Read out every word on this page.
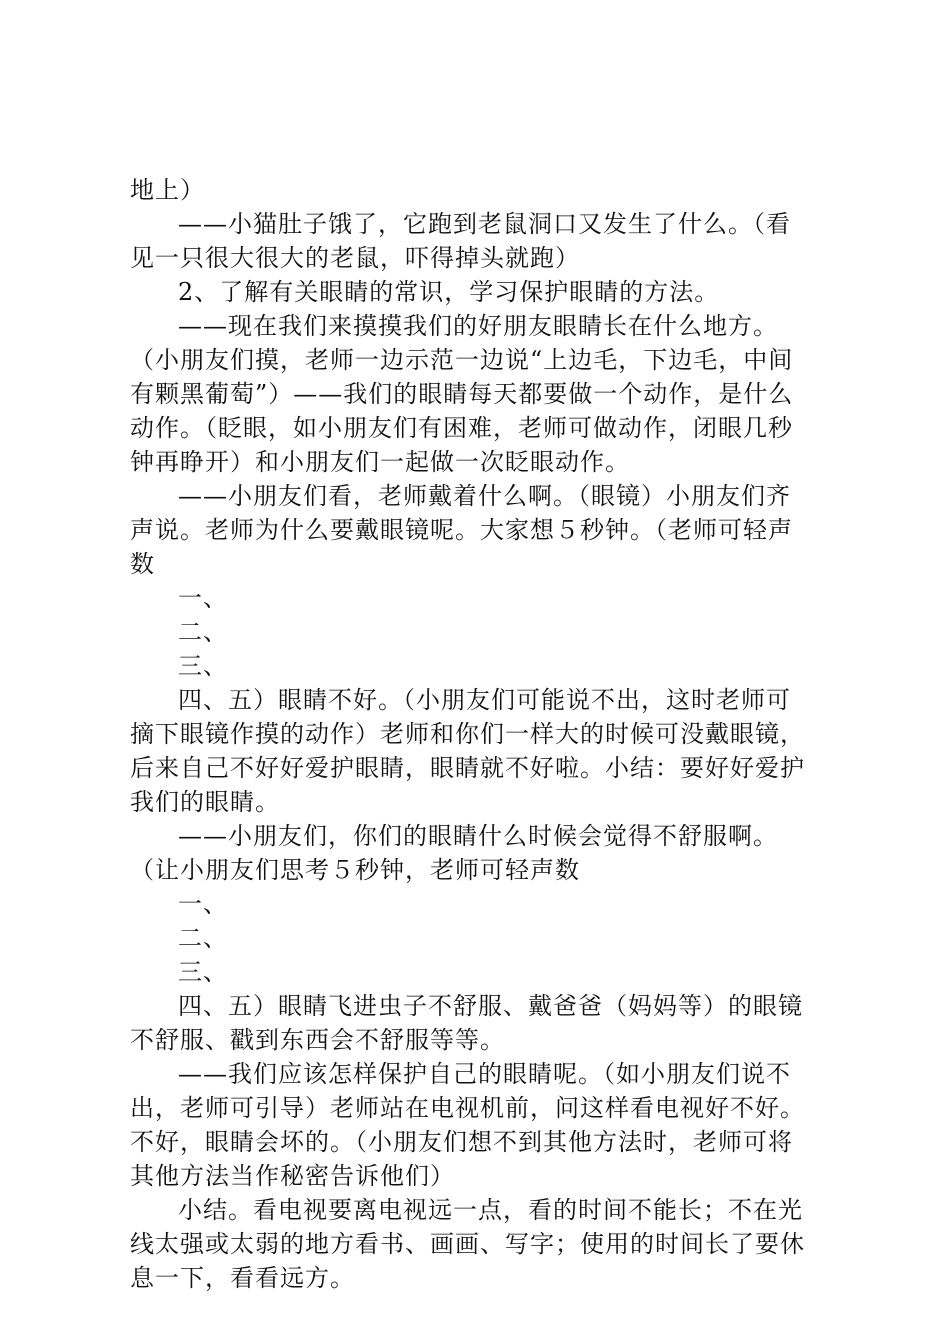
地上）
——小猫肚子饿了，它跑到老鼠洞口又发生了什么。（看
见一只很大很大的老鼠，吓得掉头就跑）
2、了解有关眼睛的常识，学习保护眼睛的方法。
——现在我们来摸摸我们的好朋友眼睛长在什么地方。
（小朋友们摸，老师一边示范一边说“上边毛，下边毛，中间
有颗黑葡萄”）——我们的眼睛每天都要做一个动作，是什么
动作。（眨眼，如小朋友们有困难，老师可做动作，闭眼几秒
钟再睁开）和小朋友们一起做一次眨眼动作。
——小朋友们看，老师戴着什么啊。（眼镜）小朋友们齐
声说。老师为什么要戴眼镜呢。大家想５秒钟。（老师可轻声
数
一、
二、
三、
四、五）眼睛不好。（小朋友们可能说不出，这时老师可
摘下眼镜作摸的动作）老师和你们一样大的时候可没戴眼镜，
后来自己不好好爱护眼睛，眼睛就不好啦。小结：要好好爱护
我们的眼睛。
——小朋友们，你们的眼睛什么时候会觉得不舒服啊。
（让小朋友们思考５秒钟，老师可轻声数
一、
二、
三、
四、五）眼睛飞进虫子不舒服、戴爸爸（妈妈等）的眼镜
不舒服、戳到东西会不舒服等等。
——我们应该怎样保护自己的眼睛呢。（如小朋友们说不
出，老师可引导）老师站在电视机前，问这样看电视好不好。
不好，眼睛会坏的。（小朋友们想不到其他方法时，老师可将
其他方法当作秘密告诉他们）
小结。看电视要离电视远一点，看的时间不能长；不在光
线太强或太弱的地方看书、画画、写字；使用的时间长了要休
息一下，看看远方。
